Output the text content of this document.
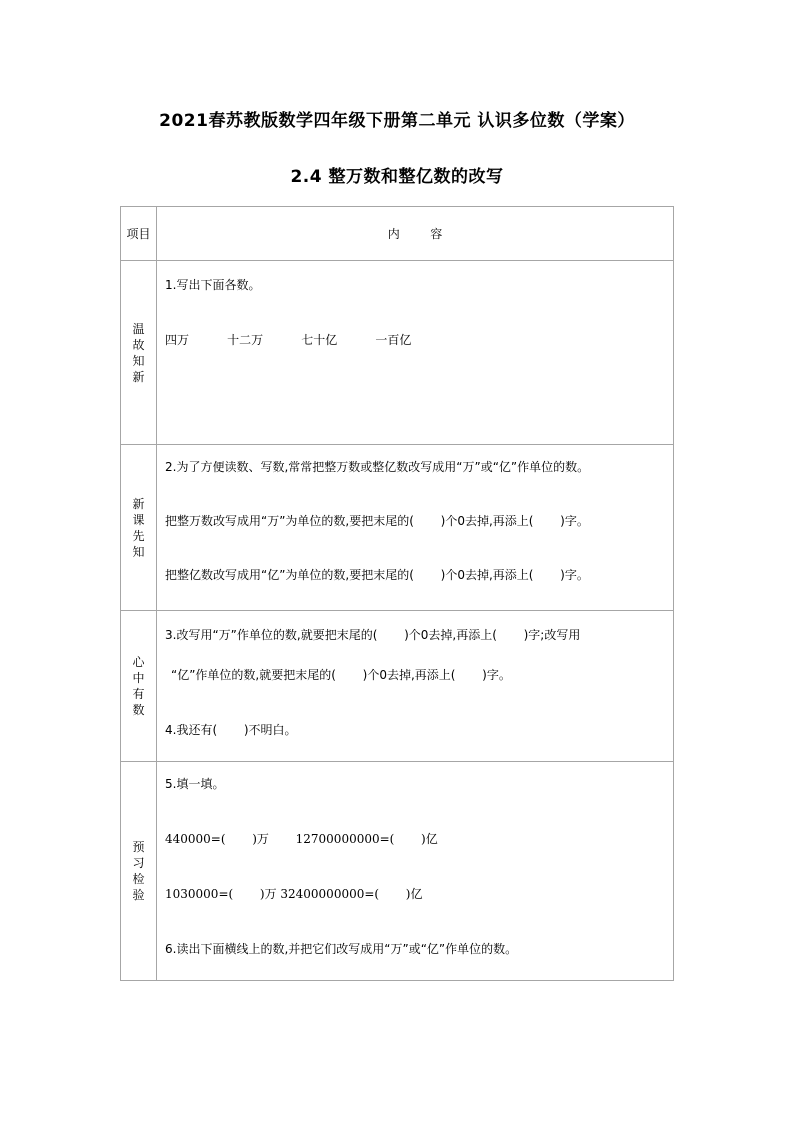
2021春苏教版数学四年级下册第二单元 认识多位数（学案）
2.4 整万数和整亿数的改写
项目	内        容
温故知新	1.写出下面各数。
四万          十二万          七十亿          一百亿

新课先知	2.为了方便读数、写数,常常把整万数或整亿数改写成用“万”或“亿”作单位的数。
把整万数改写成用“万”为单位的数,要把末尾的(       )个0去掉,再添上(       )字。
把整亿数改写成用“亿”为单位的数,要把末尾的(       )个0去掉,再添上(       )字。

心中有数	3.改写用“万”作单位的数,就要把末尾的(       )个0去掉,再添上(       )字;改写用
“亿”作单位的数,就要把末尾的(       )个0去掉,再添上(       )字。
4.我还有(       )不明白。

预习检验	5.填一填。
440000=(       )万       12700000000=(       )亿
1030000=(       )万 32400000000=(       )亿
6.读出下面横线上的数,并把它们改写成用“万”或“亿”作单位的数。
